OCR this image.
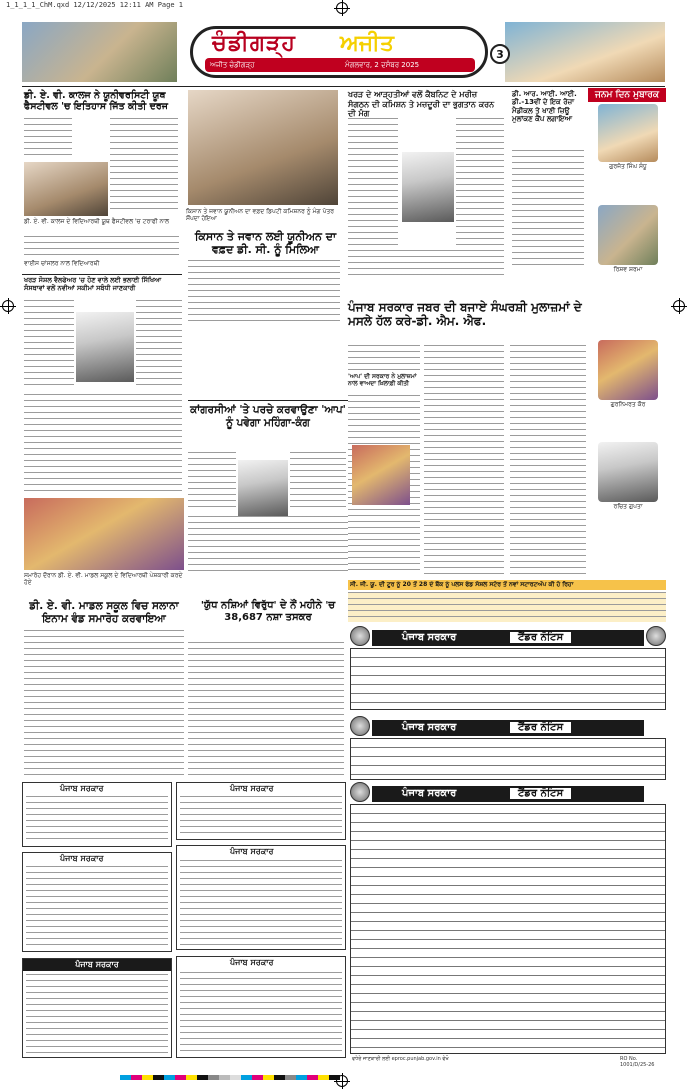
1_1_1_1_ChM.qxd 12/12/2025 12:11 AM Page 1
ਚੰਡੀਗੜ੍ਹ ਅਜੀਤ
ਅਜੀਤ ਚੰਡੀਗੜ੍ਹ	ਮੰਗਲਵਾਰ, 2 ਦਸੰਬਰ 2025
3
ਡੀ. ਏ. ਵੀ. ਕਾਲਜ ਨੇ ਯੂਨੀਵਰਸਿਟੀ ਯੂਥ ਫੈਸਟੀਵਲ 'ਚ ਇਤਿਹਾਸ ਜਿੱਤ ਕੀਤੀ ਦਰਜ
ਡੀ. ਏ. ਵੀ. ਕਾਲਜ ਦੇ ਵਿਦਿਆਰਥੀ ਯੂਥ ਫੈਸਟੀਵਲ 'ਚ ਟਰਾਫੀ ਨਾਲ
ਵਾਈਸ ਚਾਂਸਲਰ ਨਾਲ ਵਿਦਿਆਰਥੀ
ਕਿਸਾਨ ਤੇ ਜਵਾਨ ਯੂਨੀਅਨ ਦਾ ਵਫ਼ਦ ਡਿਪਟੀ ਕਮਿਸ਼ਨਰ ਨੂੰ ਮੰਗ ਪੱਤਰ ਸੌਂਪਦਾ ਹੋਇਆ
ਕਿਸਾਨ ਤੇ ਜਵਾਨ ਲਈ ਯੂਨੀਅਨ ਦਾ ਵਫ਼ਦ ਡੀ. ਸੀ. ਨੂੰ ਮਿਲਿਆ
ਖਰੜ ਦੇ ਆੜ੍ਹਤੀਆਂ ਵਲੋਂ ਕੈਬਨਿਟ ਦੇ ਮਰੀਜ਼ ਸੰਗਠਨ ਦੀ ਕਮਿਸ਼ਨ ਤੇ ਮਜ਼ਦੂਰੀ ਦਾ ਭੁਗਤਾਨ ਕਰਨ ਦੀ ਮੰਗ
ਡੀ. ਆਰ. ਆਈ. ਆਈ. ਡੀ.-13ਵੀਂ ਦੇ ਇਕ ਰੋਜ਼ਾ ਮੈਡੀਕਲ ਤੇ ਖਾਣੀ ਜ਼ਿਊ ਮੁਲਾਂਕਣ ਕੈਂਪ ਲਗਾਇਆ
ਜਨਮ ਦਿਨ ਮੁਬਾਰਕ
ਗੁਰਜੋਤ ਸਿੰਘ ਸੰਧੂ
ਰਿਸ਼ਵ ਸ਼ਰਮਾ
ਗੁਰਨਿਮਰਤ ਕੌਰ
ਰਚਿਤ ਗੁਪਤਾ
ਖਰੜ ਸੋਸ਼ਲ ਵੈਲਫੇਅਰ 'ਚ ਹੋਣ ਵਾਲੇ ਲਈ ਭਲਾਈ ਸਿੱਖਿਆ ਸੰਸਥਾਵਾਂ ਵਲੋਂ ਨਵੀਆਂ ਸਕੀਮਾਂ ਸਬੰਧੀ ਜਾਣਕਾਰੀ
ਕਾਂਗਰਸੀਆਂ 'ਤੇ ਪਰਚੇ ਕਰਵਾਉਣਾ 'ਆਪ' ਨੂੰ ਪਵੇਗਾ ਮਹਿੰਗਾ-ਕੰਗ
ਪੰਜਾਬ ਸਰਕਾਰ ਜਬਰ ਦੀ ਬਜਾਏ ਸੰਘਰਸ਼ੀ ਮੁਲਾਜ਼ਮਾਂ ਦੇ ਮਸਲੇ ਹੱਲ ਕਰੇ-ਡੀ. ਐਮ. ਐਫ.
'ਆਪ' ਦੀ ਸਰਕਾਰ ਨੇ ਮੁਲਾਜ਼ਮਾਂ ਨਾਲ ਵਾਅਦਾ ਖ਼ਿਲਾਫ਼ੀ ਕੀਤੀ
ਸਮਾਰੋਹ ਦੌਰਾਨ ਡੀ. ਏ. ਵੀ. ਮਾਡਲ ਸਕੂਲ ਦੇ ਵਿਦਿਆਰਥੀ ਪੇਸ਼ਕਾਰੀ ਕਰਦੇ ਹੋਏ
ਡੀ. ਏ. ਵੀ. ਮਾਡਲ ਸਕੂਲ ਵਿਚ ਸਲਾਨਾ ਇਨਾਮ ਵੰਡ ਸਮਾਰੋਹ ਕਰਵਾਇਆ
'ਯੁੱਧ ਨਸ਼ਿਆਂ ਵਿਰੁੱਧ' ਦੇ ਨੌਂ ਮਹੀਨੇ 'ਚ 38,687 ਨਸ਼ਾ ਤਸਕਰ
ਸੀ. ਜੀ. ਯੂ. ਦੀ ਟੂਰ ਨੂੰ 20 ਤੋਂ 28 ਦੇ ਬੈਂਕ ਨੂੰ ਪਲਸ ਫੰਡ ਸੋਸ਼ਲ ਸਟੋਰ ਤੋਂ ਨਵਾਂ ਸਟਾਰਟਅੱਪ ਕੀ ਹੋ ਰਿਹਾ
ਪੰਜਾਬ ਸਰਕਾਰ	ਟੈਂਡਰ ਨੋਟਿਸ
ਪੰਜਾਬ ਸਰਕਾਰ	ਟੈਂਡਰ ਨੋਟਿਸ
ਪੰਜਾਬ ਸਰਕਾਰ	ਟੈਂਡਰ ਨੋਟਿਸ
ਵਧੇਰੇ ਜਾਣਕਾਰੀ ਲਈ eproc.punjab.gov.in ਵੇਖੋ	RO No. 1001/D/25-26
ਪੰਜਾਬ ਸਰਕਾਰ
ਪੰਜਾਬ ਸਰਕਾਰ
ਪੰਜਾਬ ਸਰਕਾਰ
ਪੰਜਾਬ ਸਰਕਾਰ
ਪੰਜਾਬ ਸਰਕਾਰ
ਪੰਜਾਬ ਸਰਕਾਰ
